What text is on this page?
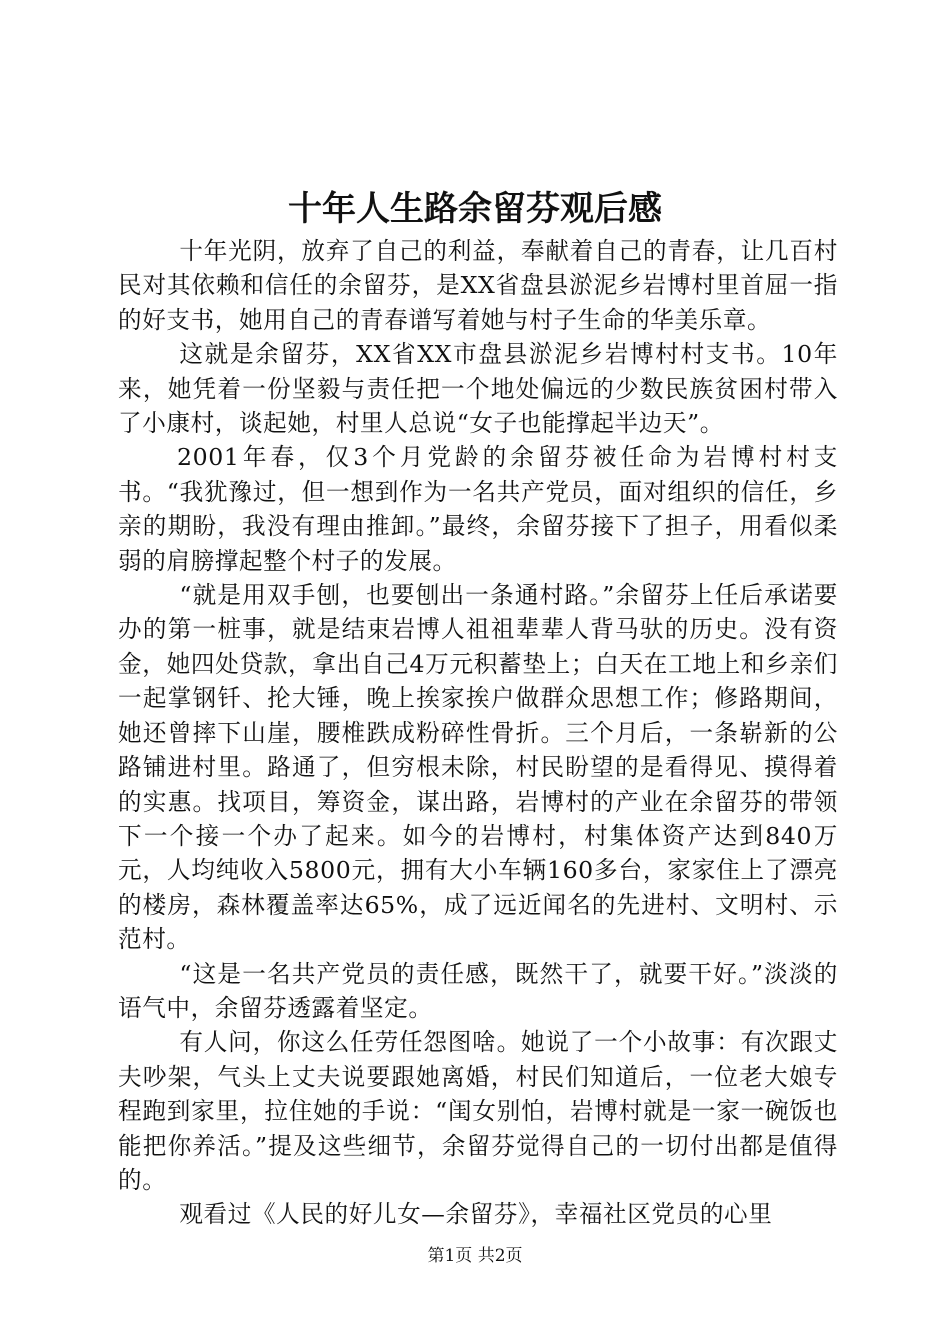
十年人生路余留芬观后感

十年光阴，放弃了自己的利益，奉献着自己的青春，让几百村民对其依赖和信任的余留芬，是XX省盘县淤泥乡岩博村里首屈一指的好支书，她用自己的青春谱写着她与村子生命的华美乐章。

这就是余留芬，XX省XX市盘县淤泥乡岩博村村支书。10年来，她凭着一份坚毅与责任把一个地处偏远的少数民族贫困村带入了小康村，谈起她，村里人总说“女子也能撑起半边天”。

2001年春，仅3个月党龄的余留芬被任命为岩博村村支书。“我犹豫过，但一想到作为一名共产党员，面对组织的信任，乡亲的期盼，我没有理由推卸。”最终，余留芬接下了担子，用看似柔弱的肩膀撑起整个村子的发展。

“就是用双手刨，也要刨出一条通村路。”余留芬上任后承诺要办的第一桩事，就是结束岩博人祖祖辈辈人背马驮的历史。没有资金，她四处贷款，拿出自己4万元积蓄垫上；白天在工地上和乡亲们一起掌钢钎、抡大锤，晚上挨家挨户做群众思想工作；修路期间，她还曾摔下山崖，腰椎跌成粉碎性骨折。三个月后，一条崭新的公路铺进村里。路通了，但穷根未除，村民盼望的是看得见、摸得着的实惠。找项目，筹资金，谋出路，岩博村的产业在余留芬的带领下一个接一个办了起来。如今的岩博村，村集体资产达到840万元，人均纯收入5800元，拥有大小车辆160多台，家家住上了漂亮的楼房，森林覆盖率达65%，成了远近闻名的先进村、文明村、示范村。

“这是一名共产党员的责任感，既然干了，就要干好。”淡淡的语气中，余留芬透露着坚定。

有人问，你这么任劳任怨图啥。她说了一个小故事：有次跟丈夫吵架，气头上丈夫说要跟她离婚，村民们知道后，一位老大娘专程跑到家里，拉住她的手说：“闺女别怕，岩博村就是一家一碗饭也能把你养活。”提及这些细节，余留芬觉得自己的一切付出都是值得的。

观看过《人民的好儿女—余留芬》，幸福社区党员的心里

第1页 共2页
